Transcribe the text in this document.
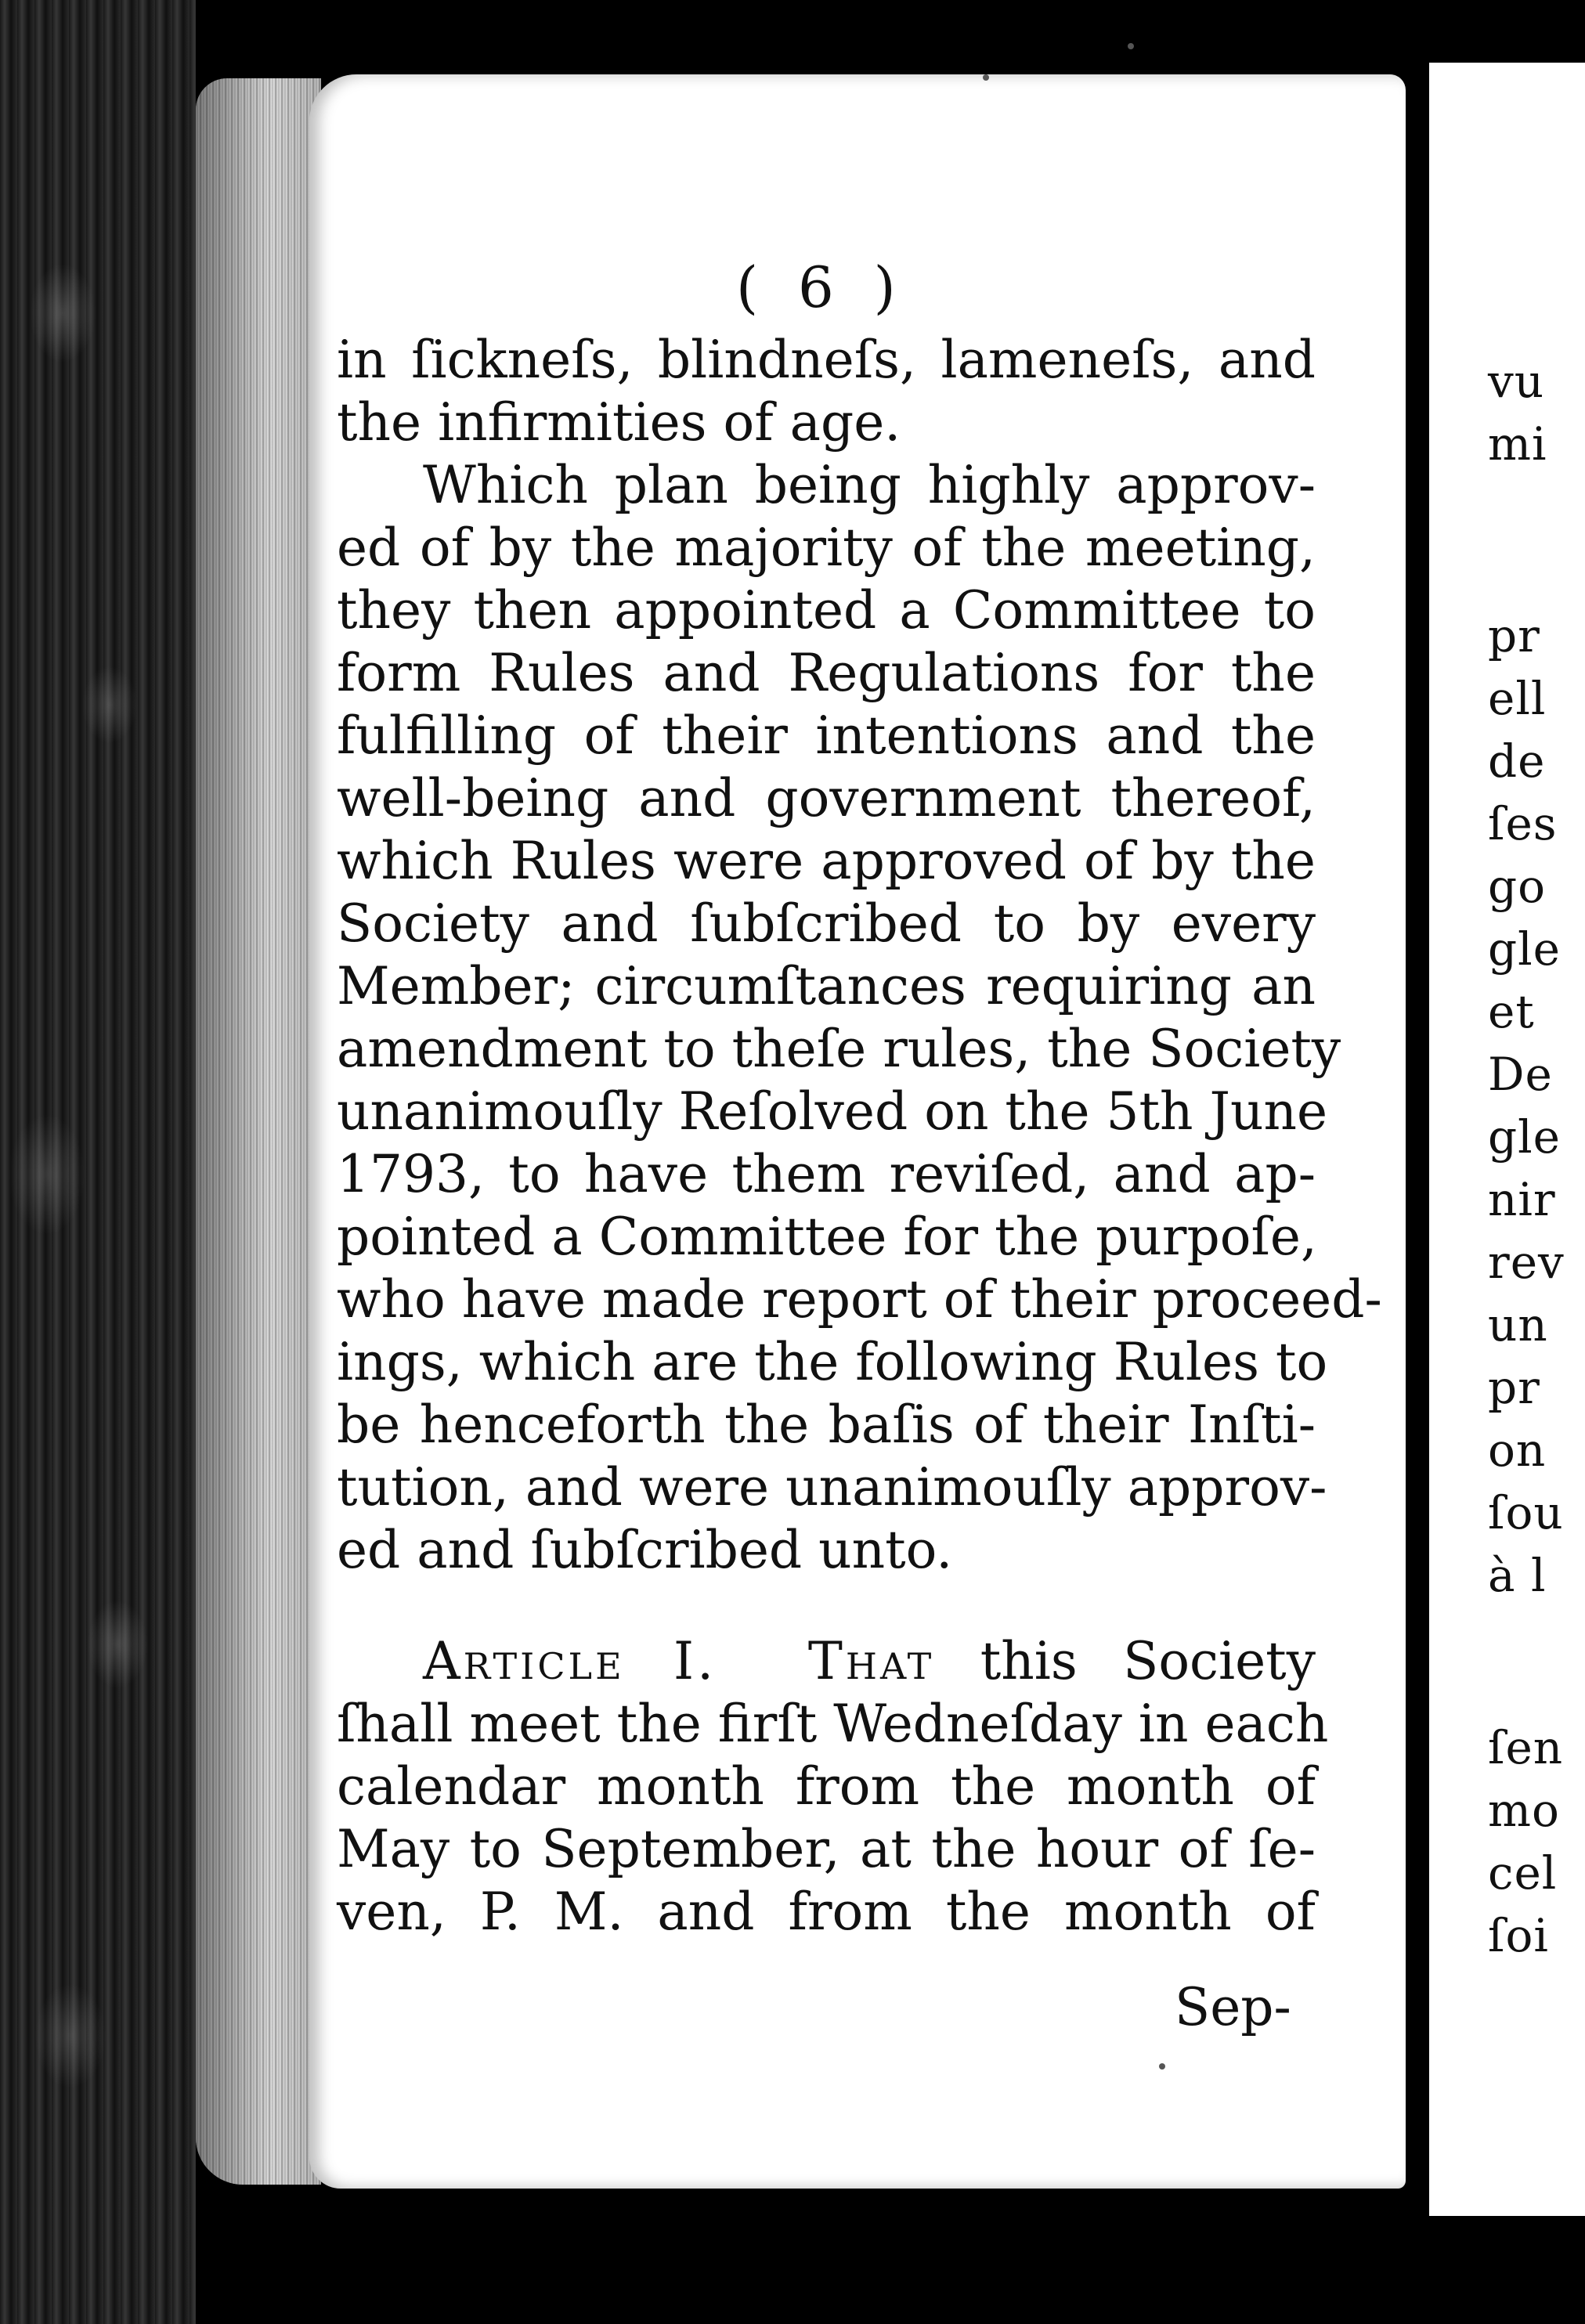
( 6 )
in ſickneſs, blindneſs, lameneſs, and
the infirmities of age.
Which plan being highly approv-
ed of by the majority of the meeting,
they then appointed a Committee to
form Rules and Regulations for the
fulfilling of their intentions and the
well-being and government thereof,
which Rules were approved of by the
Society and ſubſcribed to by every
Member; circumſtances requiring an
amendment to theſe rules, the Society
unanimouſly Reſolved on the 5th June
1793, to have them reviſed, and ap-
pointed a Committee for the purpoſe,
who have made report of their proceed-
ings, which are the following Rules to
be henceforth the baſis of their Inſti-
tution, and were unanimouſly approv-
ed and ſubſcribed unto.
Article I. That this Society
ſhall meet the firſt Wedneſday in each
calendar month from the month of
May to September, at the hour of ſe-
ven, P. M. and from the month of
Sep-
vu
mi
pr
ell
de
ſes
go
gle
et
De
gle
nir
rev
un
pr
on
ſou
à l
ſen
mo
cel
ſoi
